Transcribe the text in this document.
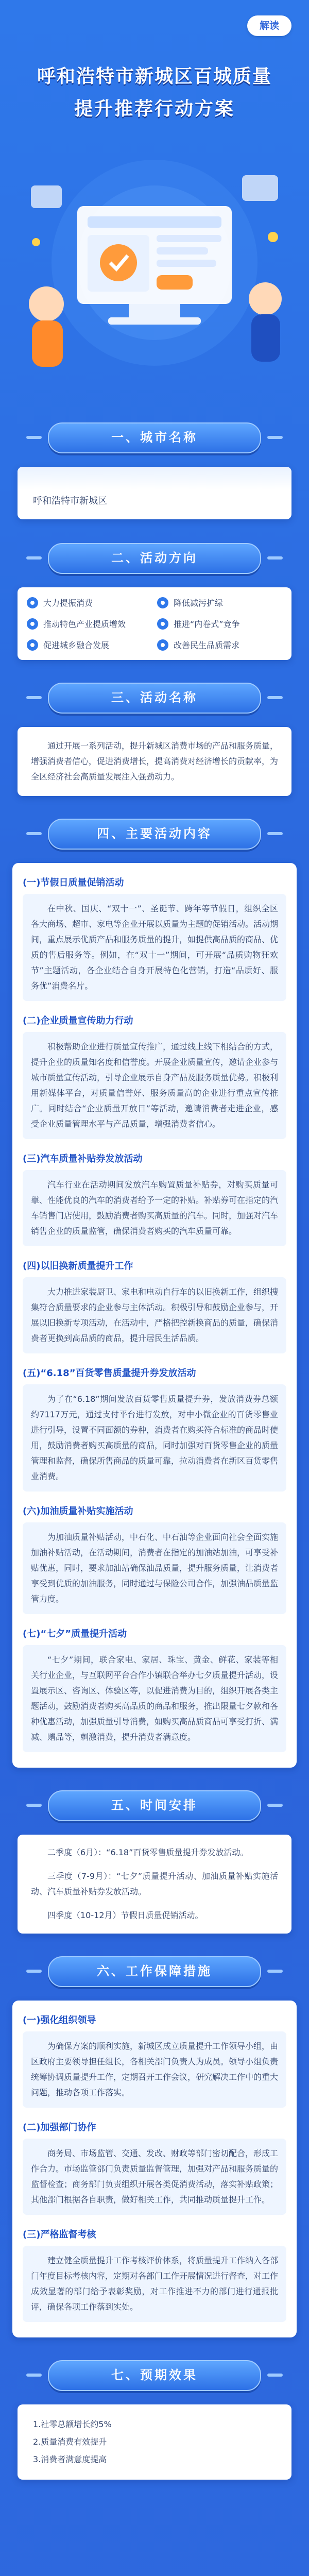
解读
呼和浩特市新城区百城质量
提升推荐行动方案
一、城市名称
呼和浩特市新城区
二、活动方向
大力提振消费	降低减污扩绿
推动特色产业提质增效	推进“内卷式”竞争
促进城乡融合发展	改善民生品质需求
三、活动名称

通过开展一系列活动，提升新城区消费市场的产品和服务质量，增强消费者信心，促进消费增长，提高消费对经济增长的贡献率，为全区经济社会高质量发展注入强劲动力。

四、主要活动内容
(一)节假日质量促销活动

在中秋、国庆、“双十一”、圣诞节、跨年等节假日，组织全区各大商场、超市、家电等企业开展以质量为主题的促销活动。活动期间，重点展示优质产品和服务质量的提升，如提供高品质的商品、优质的售后服务等。例如，在“双十一”期间，可开展“品质购物狂欢节”主题活动，各企业结合自身开展特色化营销，打造“品质好、服务优”消费名片。

(二)企业质量宣传助力行动

积极帮助企业进行质量宣传推广，通过线上线下相结合的方式，提升企业的质量知名度和信誉度。开展企业质量宣传，邀请企业参与城市质量宣传活动，引导企业展示自身产品及服务质量优势。积极利用新媒体平台，对质量信誉好、服务质量高的企业进行重点宣传推广。同时结合“企业质量开放日”等活动，邀请消费者走进企业，感受企业质量管理水平与产品质量，增强消费者信心。

(三)汽车质量补贴券发放活动

汽车行业在活动期间发放汽车购置质量补贴券，对购买质量可靠、性能优良的汽车的消费者给予一定的补贴。补贴券可在指定的汽车销售门店使用，鼓励消费者购买高质量的汽车。同时，加强对汽车销售企业的质量监管，确保消费者购买的汽车质量可靠。

(四)以旧换新质量提升工作

大力推进家装厨卫、家电和电动自行车的以旧换新工作，组织搜集符合质量要求的企业参与主体活动。积极引导和鼓励企业参与，开展以旧换新专项活动，在活动中，严格把控新换商品的质量，确保消费者更换到高品质的商品，提升居民生活品质。

(五)“6.18”百货零售质量提升券发放活动

为了在“6.18”期间发放百货零售质量提升券，发放消费券总额约7117万元，通过支付平台进行发放，对中小微企业的百货零售业进行引导，设置不同面额的券种，消费者在购买符合标准的商品时使用，鼓励消费者购买高质量的商品，同时加强对百货零售企业的质量管理和监督，确保所售商品的质量可靠，拉动消费者在新区百货零售业消费。

(六)加油质量补贴实施活动

为加油质量补贴活动，中石化、中石油等企业面向社会全面实施加油补贴活动，在活动期间，消费者在指定的加油站加油，可享受补贴优惠，同时，要求加油站确保油品质量，提升服务质量，让消费者享受到优质的加油服务，同时通过与保险公司合作，加强油品质量监管力度。

(七)“七夕”质量提升活动

“七夕”期间，联合家电、家居、珠宝、黄金、鲜花、家装等相关行业企业，与互联网平台合作小镇联合举办七夕质量提升活动，设置展示区、咨询区、体验区等，以促进消费为目的，组织开展各类主题活动，鼓励消费者购买高品质的商品和服务，推出限量七夕款和各种优惠活动，加强质量引导消费，如购买高品质商品可享受打折、满减、赠品等，刺激消费，提升消费者满意度。

五、时间安排

二季度（6月）：“6.18”百货零售质量提升券发放活动。

三季度（7-9月）：“七夕”质量提升活动、加油质量补贴实施活动、汽车质量补贴券发放活动。

四季度（10-12月）节假日质量促销活动。

六、工作保障措施
(一)强化组织领导

为确保方案的顺利实施，新城区成立质量提升工作领导小组，由区政府主要领导担任组长，各相关部门负责人为成员。领导小组负责统筹协调质量提升工作，定期召开工作会议，研究解决工作中的重大问题，推动各项工作落实。

(二)加强部门协作

商务局、市场监管、交通、发改、财政等部门密切配合，形成工作合力。市场监管部门负责质量监督管理，加强对产品和服务质量的监督检查；商务部门负责组织开展各类促消费活动，落实补贴政策；其他部门根据各自职责，做好相关工作，共同推动质量提升工作。

(三)严格监督考核

建立健全质量提升工作考核评价体系，将质量提升工作纳入各部门年度目标考核内容，定期对各部门工作开展情况进行督查，对工作成效显著的部门给予表彰奖励，对工作推进不力的部门进行通报批评，确保各项工作落到实处。

七、预期效果
1.社零总额增长约5%
2.质量消费有效提升
3.消费者满意度提高
